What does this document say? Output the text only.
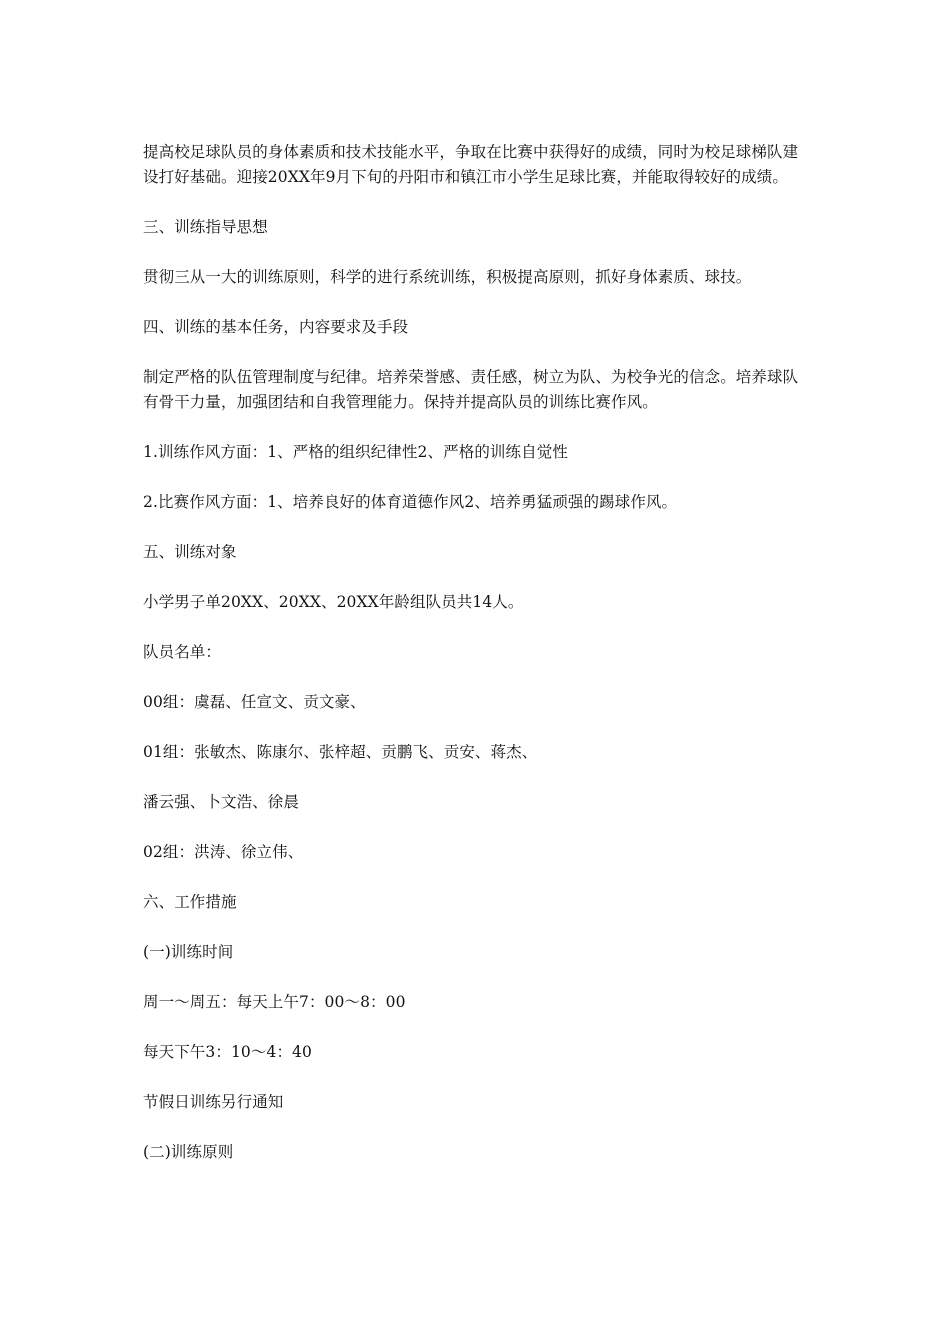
提高校足球队员的身体素质和技术技能水平，争取在比赛中获得好的成绩，同时为校足球梯队建设打好基础。迎接20XX年9月下旬的丹阳市和镇江市小学生足球比赛，并能取得较好的成绩。

三、训练指导思想

贯彻三从一大的训练原则，科学的进行系统训练，积极提高原则，抓好身体素质、球技。

四、训练的基本任务，内容要求及手段

制定严格的队伍管理制度与纪律。培养荣誉感、责任感，树立为队、为校争光的信念。培养球队有骨干力量，加强团结和自我管理能力。保持并提高队员的训练比赛作风。

1.训练作风方面：1、严格的组织纪律性2、严格的训练自觉性

2.比赛作风方面：1、培养良好的体育道德作风2、培养勇猛顽强的踢球作风。

五、训练对象

小学男子单20XX、20XX、20XX年龄组队员共14人。

队员名单：

00组：虞磊、任宣文、贡文豪、

01组：张敏杰、陈康尔、张梓超、贡鹏飞、贡安、蒋杰、

潘云强、卜文浩、徐晨

02组：洪涛、徐立伟、

六、工作措施

(一)训练时间

周一～周五：每天上午7：00～8：00

每天下午3：10～4：40

节假日训练另行通知

(二)训练原则
